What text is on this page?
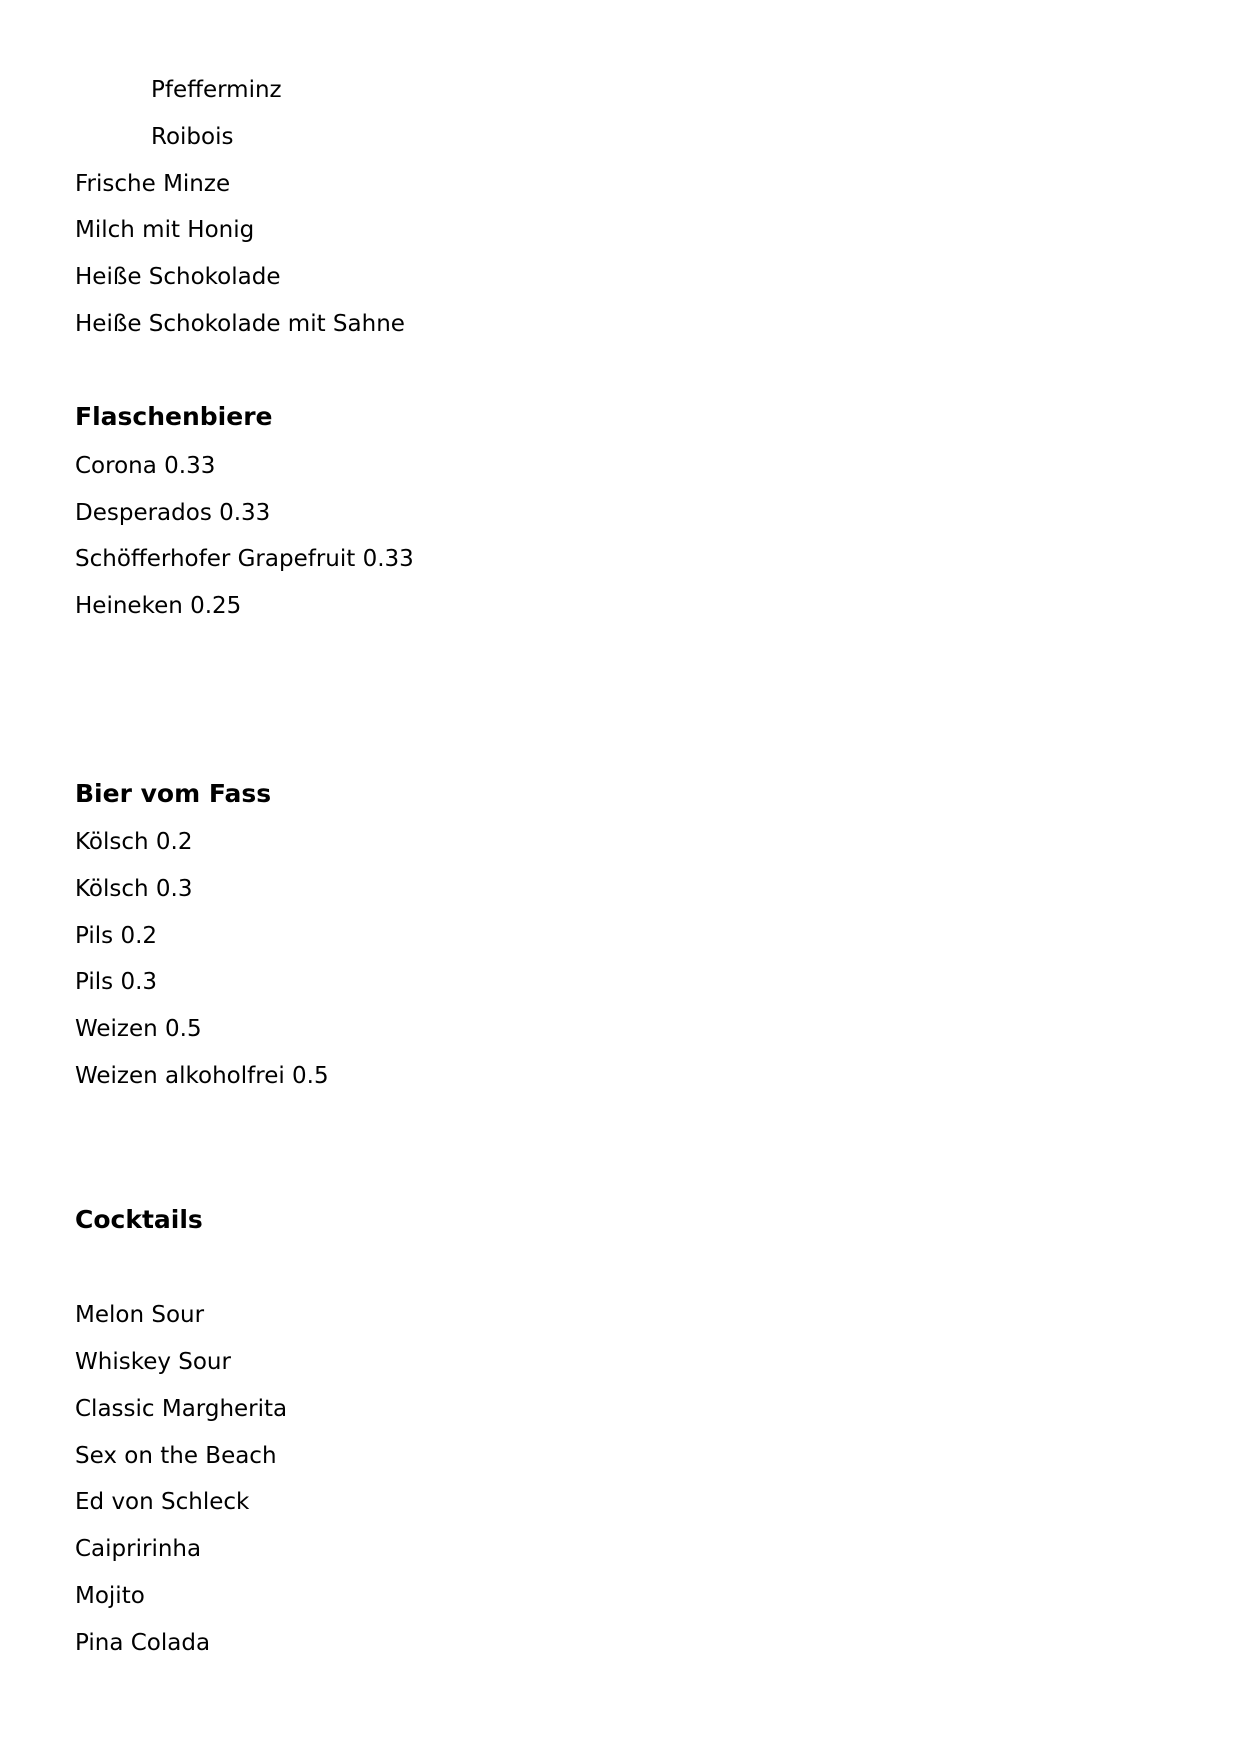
Pfefferminz
Roibois
Frische Minze
Milch mit Honig
Heiße Schokolade
Heiße Schokolade mit Sahne
Flaschenbiere
Corona 0.33
Desperados 0.33
Schöfferhofer Grapefruit 0.33
Heineken 0.25
Bier vom Fass
Kölsch 0.2
Kölsch 0.3
Pils 0.2
Pils 0.3
Weizen 0.5
Weizen alkoholfrei 0.5
Cocktails
Melon Sour
Whiskey Sour
Classic Margherita
Sex on the Beach
Ed von Schleck
Caipririnha
Mojito
Pina Colada
